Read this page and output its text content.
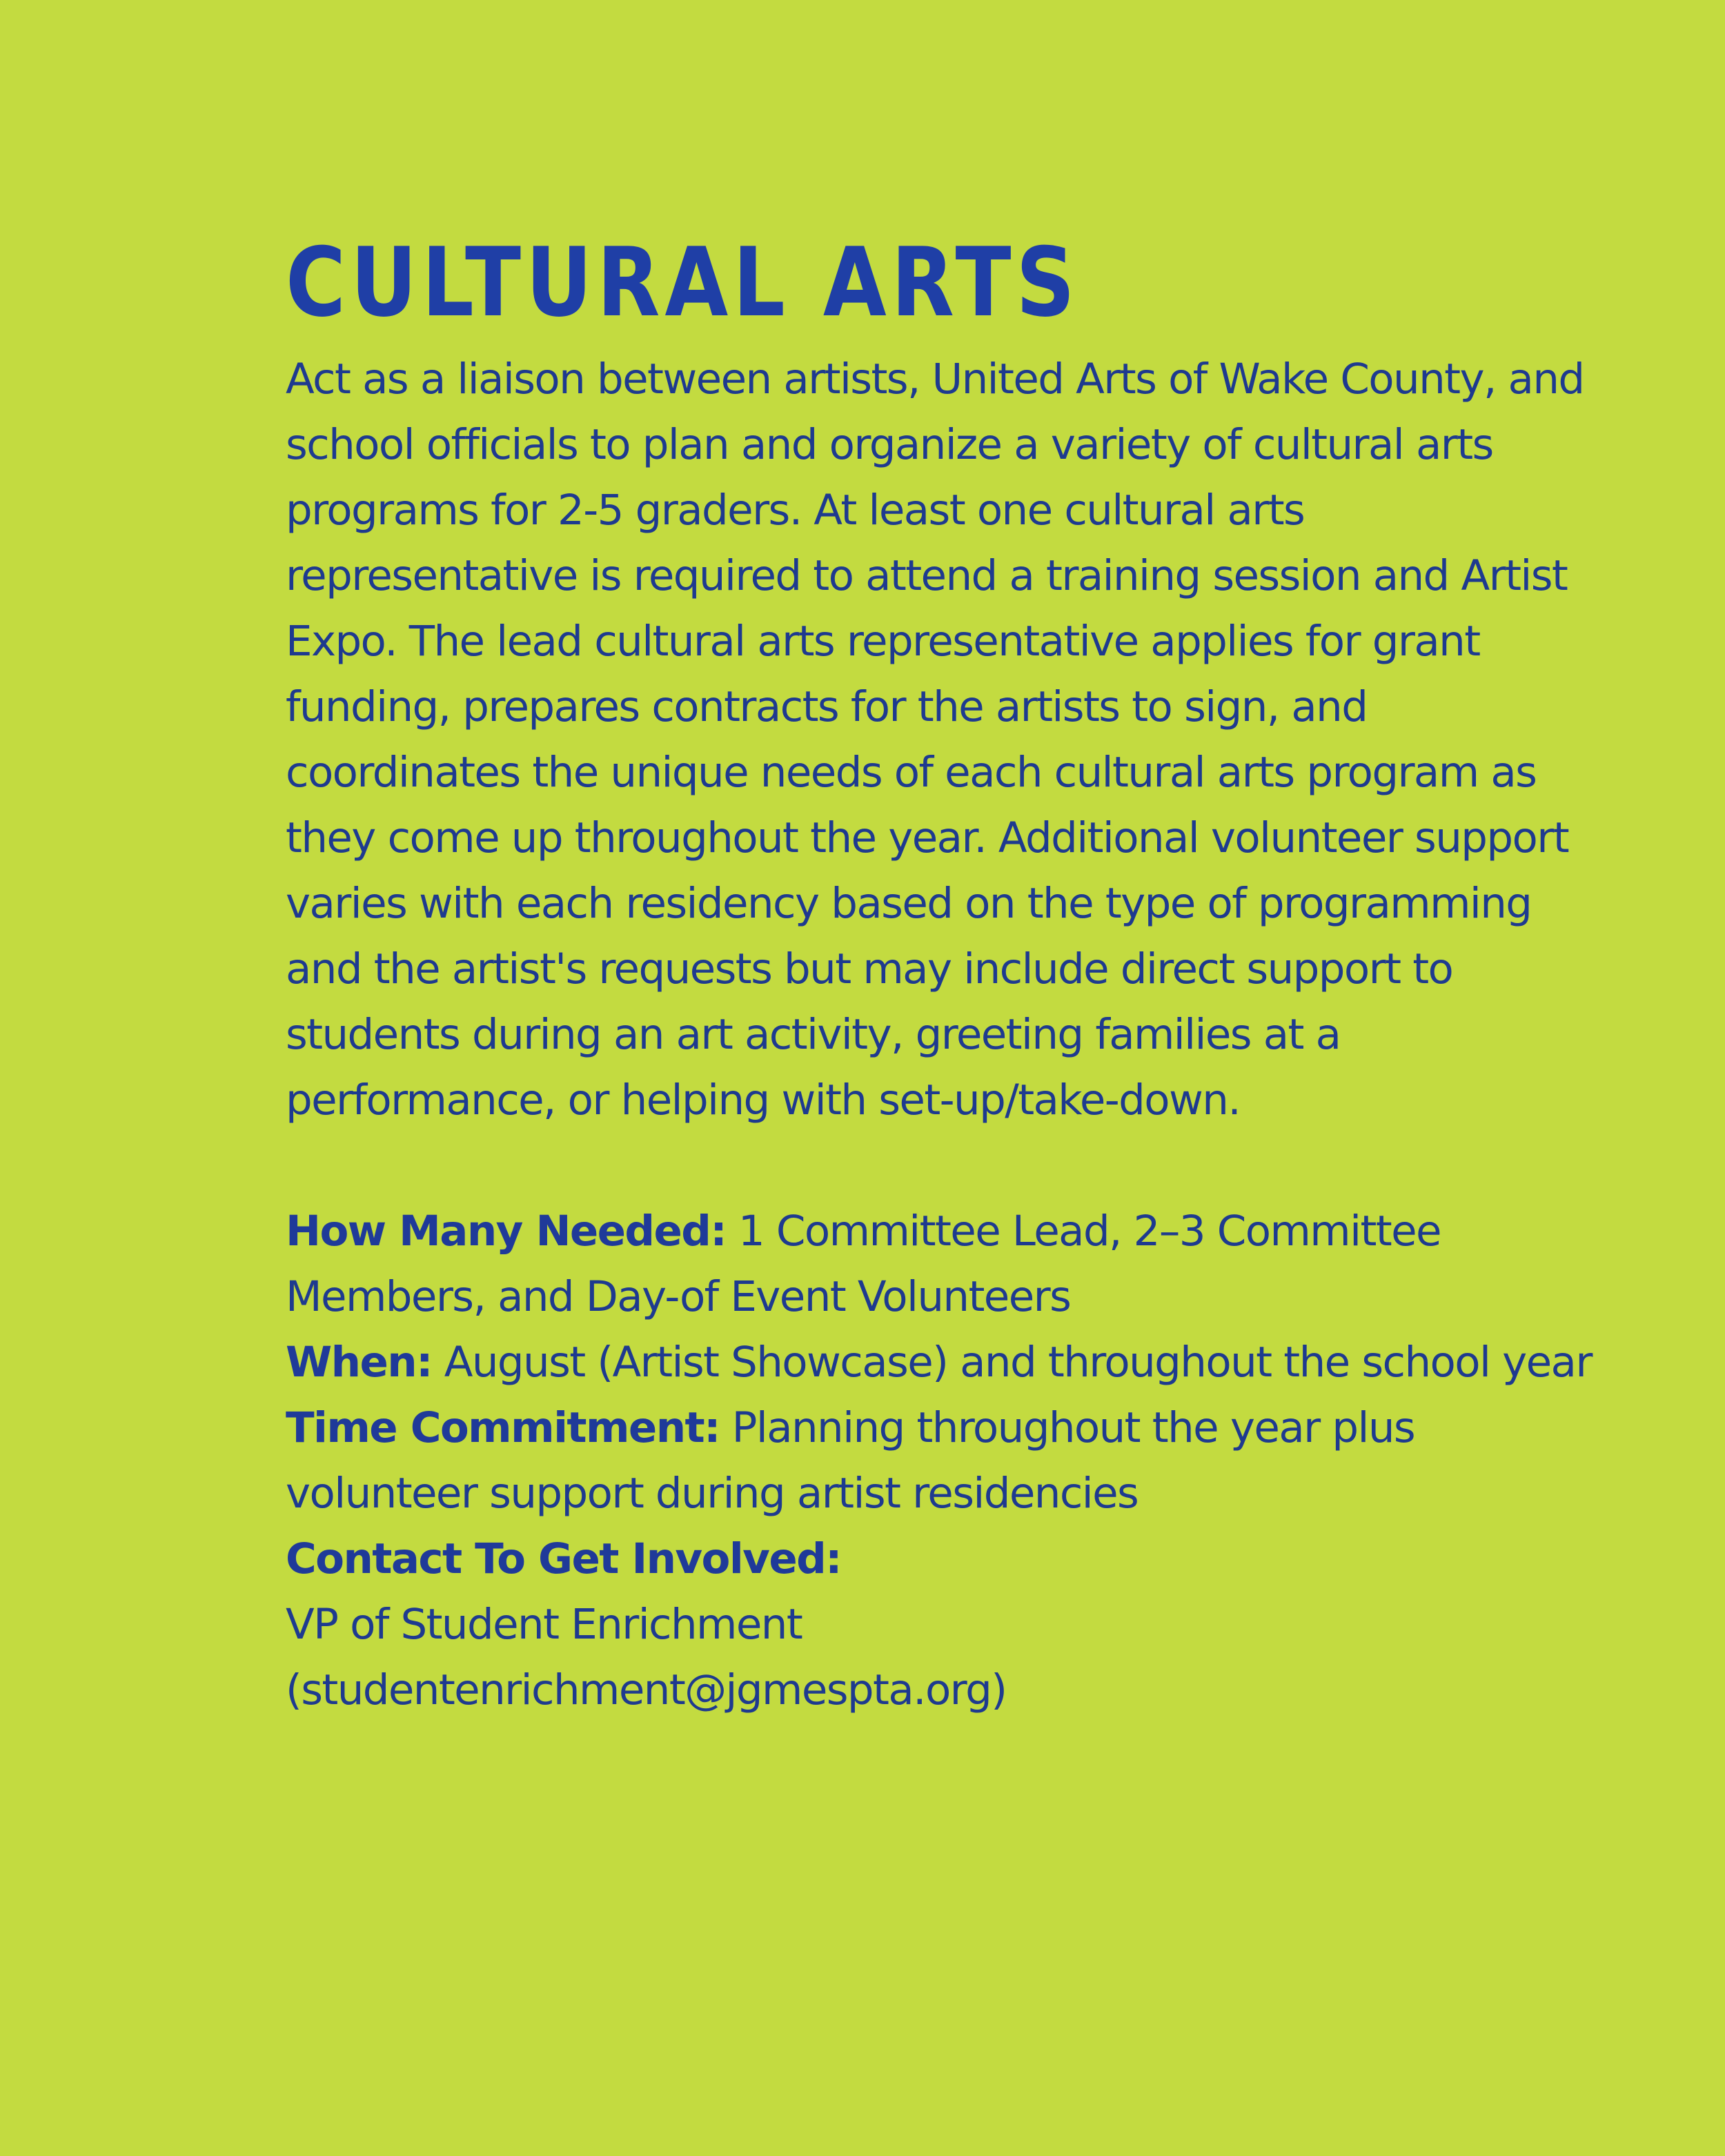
CULTURAL ARTS

Act as a liaison between artists, United Arts of Wake County, and school officials to plan and organize a variety of cultural arts programs for 2-5 graders. At least one cultural arts representative is required to attend a training session and Artist Expo. The lead cultural arts representative applies for grant funding, prepares contracts for the artists to sign, and coordinates the unique needs of each cultural arts program as they come up throughout the year. Additional volunteer support varies with each residency based on the type of programming and the artist's requests but may include direct support to students during an art activity, greeting families at a performance, or helping with set-up/take-down.

How Many Needed: 1 Committee Lead, 2–3 Committee Members, and Day-of Event Volunteers
When: August (Artist Showcase) and throughout the school year
Time Commitment: Planning throughout the year plus volunteer support during artist residencies
Contact To Get Involved:
VP of Student Enrichment
(studentenrichment@jgmespta.org)
